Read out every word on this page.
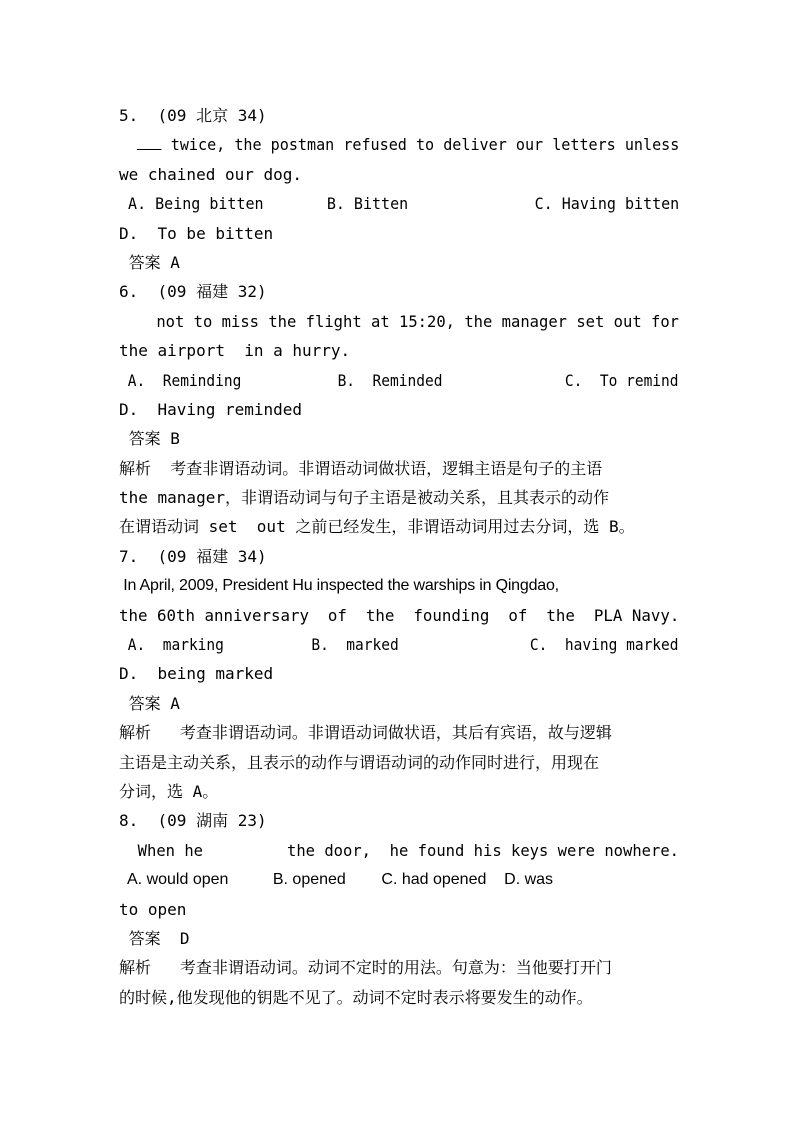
5.  (09 北京 34)
twice, the postman refused to deliver our letters unless
we chained our dog.
A. Being bitten       B. Bitten              C. Having bitten
D.  To be bitten
答案 A
6.  (09 福建 32)
not to miss the flight at 15:20, the manager set out for
the airport  in a hurry.
A.  Reminding           B.  Reminded              C.  To remind
D.  Having reminded
答案 B
解析  考查非谓语动词。非谓语动词做状语，逻辑主语是句子的主语
the manager，非谓语动词与句子主语是被动关系，且其表示的动作
在谓语动词 set  out 之前已经发生，非谓语动词用过去分词，选 B。
7.  (09 福建 34)
In April, 2009, President Hu inspected the warships in Qingdao,
the 60th anniversary  of  the  founding  of  the  PLA Navy.
A.  marking          B.  marked               C.  having marked
D.  being marked
答案 A
解析   考查非谓语动词。非谓语动词做状语，其后有宾语，故与逻辑
主语是主动关系，且表示的动作与谓语动词的动作同时进行，用现在
分词，选 A。
8.  (09 湖南 23)
When he         the door,  he found his keys were nowhere.
A. would open          B. opened        C. had opened    D. was
to open
答案  D
解析   考查非谓语动词。动词不定时的用法。句意为：当他要打开门
的时候,他发现他的钥匙不见了。动词不定时表示将要发生的动作。
